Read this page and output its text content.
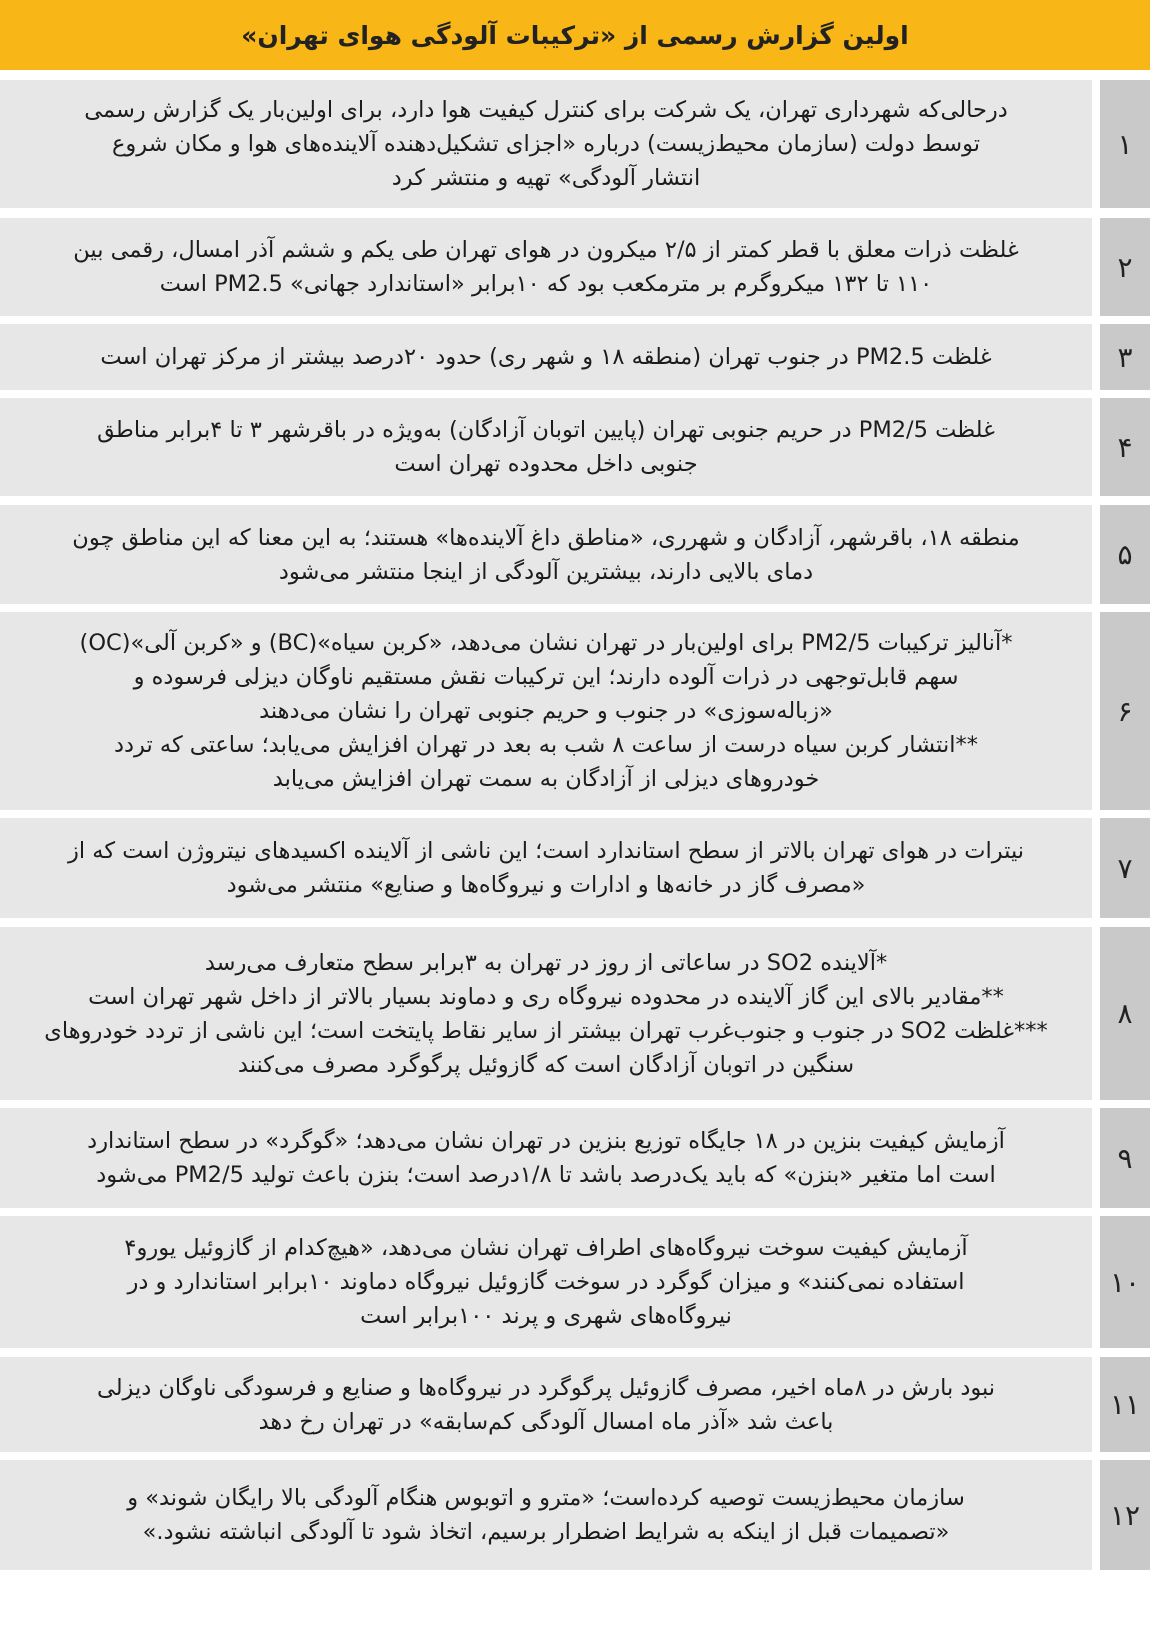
اولین گزارش رسمی از «ترکیبات آلودگی هوای تهران»
درحالی‌که شهرداری تهران، یک شرکت برای کنترل کیفیت هوا دارد، برای اولین‌بار یک گزارش رسمی
توسط دولت (سازمان محیط‌زیست) درباره «اجزای تشکیل‌دهنده آلاینده‌های هوا و مکان شروع
انتشار آلودگی» تهیه و منتشر کرد
۱
غلظت ذرات معلق با قطر کمتر از ۲/۵ میکرون در هوای تهران طی یکم و ششم آذر امسال، رقمی بین
۱۱۰ تا ۱۳۲ میکروگرم بر مترمکعب بود که ۱۰برابر «استاندارد جهانی» PM2.5 است
۲
غلظت PM2.5 در جنوب تهران (منطقه ۱۸ و شهر ری) حدود ۲۰درصد بیشتر از مرکز تهران است	۳
غلظت PM2/5 در حریم جنوبی تهران (پایین اتوبان آزادگان) به‌ویژه در باقرشهر ۳ تا ۴برابر مناطق
جنوبی داخل محدوده تهران است
۴
منطقه ۱۸، باقرشهر، آزادگان و شهرری، «مناطق داغ آلاینده‌ها» هستند؛ به این معنا که این مناطق چون
دمای بالایی دارند، بیشترین آلودگی از اینجا منتشر می‌شود
۵
*آنالیز ترکیبات PM2/5 برای اولین‌بار در تهران نشان می‌دهد، «کربن سیاه»(BC) و «کربن آلی»(OC)
سهم قابل‌توجهی در ذرات آلوده دارند؛ این ترکیبات نقش مستقیم ناوگان دیزلی فرسوده و
«زباله‌سوزی» در جنوب و حریم جنوبی تهران را نشان می‌دهند
**انتشار کربن سیاه درست از ساعت ۸ شب به بعد در تهران افزایش می‌یابد؛ ساعتی که تردد
خودروهای دیزلی از آزادگان به سمت تهران افزایش می‌یابد
۶
نیترات در هوای تهران بالاتر از سطح استاندارد است؛ این ناشی از آلاینده اکسیدهای نیتروژن است که از
«مصرف گاز در خانه‌ها و ادارات و نیروگاه‌ها و صنایع» منتشر می‌شود
۷
*آلاینده SO2 در ساعاتی از روز در تهران به ۳برابر سطح متعارف می‌رسد
**مقادیر بالای این گاز آلاینده در محدوده نیروگاه ری و دماوند بسیار بالاتر از داخل شهر تهران است
***غلظت SO2 در جنوب و جنوب‌غرب تهران بیشتر از سایر نقاط پایتخت است؛ این ناشی از تردد خودروهای
سنگین در اتوبان آزادگان است که گازوئیل پرگوگرد مصرف می‌کنند
۸
آزمایش کیفیت بنزین در ۱۸ جایگاه توزیع بنزین در تهران نشان می‌دهد؛ «گوگرد» در سطح استاندارد
است اما متغیر «بنزن» که باید یک‌درصد باشد تا ۱/۸درصد است؛ بنزن باعث تولید PM2/5 می‌شود
۹
آزمایش کیفیت سوخت نیروگاه‌های اطراف تهران نشان می‌دهد، «هیچ‌کدام از گازوئیل یورو۴
استفاده نمی‌کنند» و میزان گوگرد در سوخت گازوئیل نیروگاه دماوند ۱۰برابر استاندارد و در
نیروگاه‌های شهری و پرند ۱۰۰برابر است
۱۰
نبود بارش در ۸ماه اخیر، مصرف گازوئیل پرگوگرد در نیروگاه‌ها و صنایع و فرسودگی ناوگان دیزلی
باعث شد «آذر ماه امسال آلودگی کم‌سابقه» در تهران رخ دهد
۱۱
سازمان محیط‌زیست توصیه کرده‌است؛ «مترو و اتوبوس هنگام آلودگی بالا رایگان شوند» و
«تصمیمات قبل از اینکه به شرایط اضطرار برسیم، اتخاذ شود تا آلودگی انباشته نشود.»
۱۲
